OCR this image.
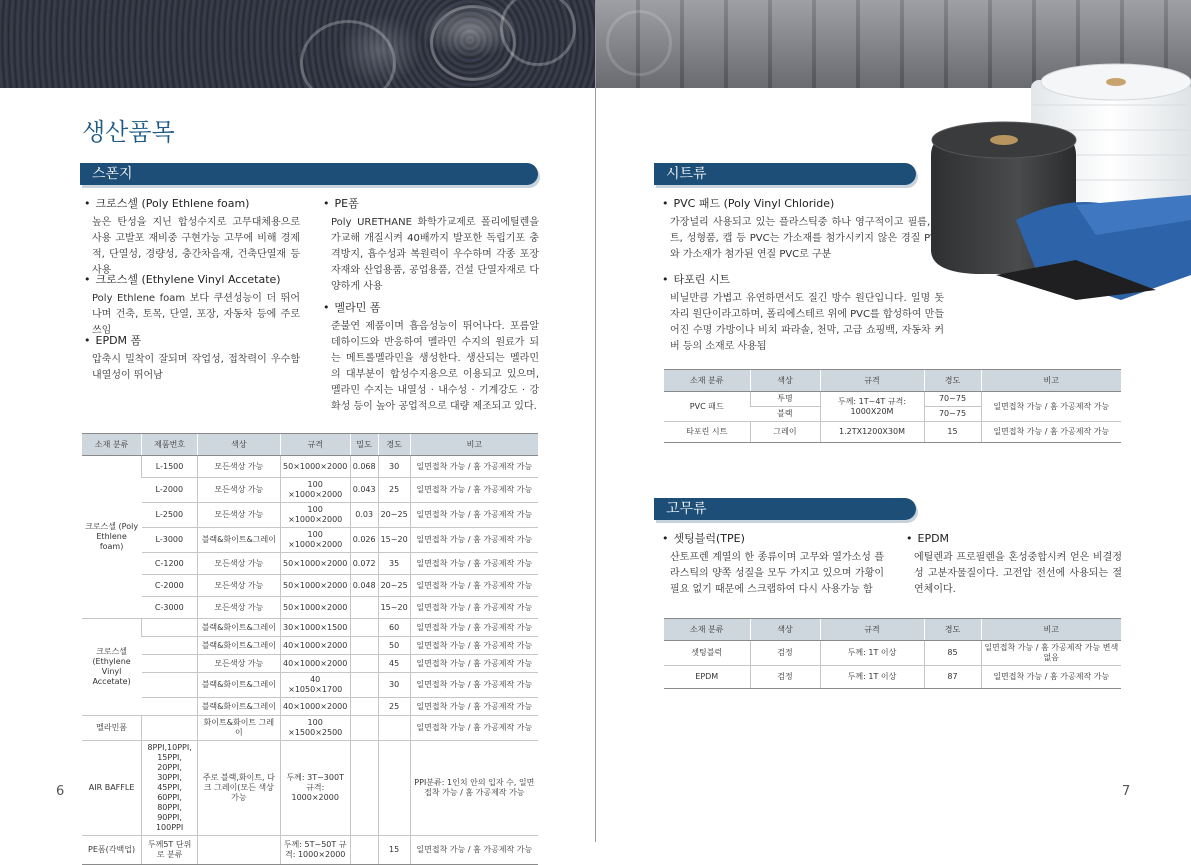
생산품목
스폰지
• 크로스셀 (Poly Ethlene foam)
높은 탄성을 지닌 합성수지로 고무대체용으로 사용 고발포 재비중 구현가능 고무에 비해 경제적, 단열성, 경량성, 충간차음재, 건축단열재 등 사용
• 크로스셀 (Ethylene Vinyl Accetate)
Poly Ethlene foam 보다 쿠션성능이 더 뛰어나며 건축, 토목, 단열, 포장, 자동차 등에 주로 쓰임
• EPDM 폼
압축시 밀착이 잘되며 작업성, 접착력이 우수함 내열성이 뛰어남
• PE폼
Poly URETHANE 화학가교제로 폴리에틸렌을 가교해 개질시켜 40배까지 발포한 독립기포 충격방지, 흡수성과 복원력이 우수하며 각종 포장자재와 산업용품, 공업용품, 건설 단열자재로 다양하게 사용
• 멜라민 폼
준불연 제품이며 흡음성능이 뛰어나다. 포름알데하이드와 반응하여 멜라민 수지의 원료가 되는 메트롤멜라민을 생성한다. 생산되는 멜라민의 대부분이 합성수지용으로 이용되고 있으며, 멜라민 수지는 내열성 · 내수성 · 기계강도 · 강화성 등이 높아 공업적으로 대량 제조되고 있다.
소재 분류	제품번호	색상	규격	밀도	경도	비고
크로스셀 (Poly Ethlene foam)	L-1500	모든색상 가능	50×1000×2000	0.068	30	일면접착 가능 / 홈 가공제작 가능
	L-2000	모든색상 가능	100 ×1000×2000	0.043	25	일면접착 가능 / 홈 가공제작 가능
	L-2500	모든색상 가능	100 ×1000×2000	0.03	20~25	일면접착 가능 / 홈 가공제작 가능
	L-3000	블랙&화이트&그레이	100 ×1000×2000	0.026	15~20	일면접착 가능 / 홈 가공제작 가능
	C-1200	모든색상 가능	50×1000×2000	0.072	35	일면접착 가능 / 홈 가공제작 가능
	C-2000	모든색상 가능	50×1000×2000	0.048	20~25	일면접착 가능 / 홈 가공제작 가능
	C-3000	모든색상 가능	50×1000×2000		15~20	일면접착 가능 / 홈 가공제작 가능
크로스셀 (Ethylene Vinyl Accetate)		블랙&화이트&그레이	30×1000×1500		60	일면접착 가능 / 홈 가공제작 가능
		블랙&화이트&그레이	40×1000×2000		50	일면접착 가능 / 홈 가공제작 가능
		모든색상 가능	40×1000×2000		45	일면접착 가능 / 홈 가공제작 가능
		블랙&화이트&그레이	40 ×1050×1700		30	일면접착 가능 / 홈 가공제작 가능
		블랙&화이트&그레이	40×1000×2000		25	일면접착 가능 / 홈 가공제작 가능
멜라민폼		화이트&화이트 그레이	100 ×1500×2500			일면접착 가능 / 홈 가공제작 가능
AIR BAFFLE	8PPI,10PPI, 15PPI, 20PPI, 30PPI, 45PPI, 60PPI, 80PPI, 90PPI, 100PPI	주로 블랙,화이트, 다크 그레이(모든 색상 가능	두께: 3T~300T 규격: 1000×2000			PPI분류: 1인치 안의 입자 수, 일면접착 가능 / 홈 가공제작 가능
PE폼(각백업)	두께5T 단위로 분류		두께: 5T~50T 규격: 1000×2000		15	일면접착 가능 / 홈 가공제작 가능
6
시트류
• PVC 패드 (Poly Vinyl Chloride)
가장널리 사용되고 있는 플라스틱중 하나 영구적이고 필름, 시트, 성형품, 캡 등 PVC는 가소재를 첨가시키지 않은 경질 PVC와 가소재가 첨가된 연질 PVC로 구분
• 타포린 시트
비닐만큼 가볍고 유연하면서도 질긴 방수 원단입니다. 일명 돗자리 원단이라고하며, 폴리에스테르 위에 PVC를 합성하여 만들어진 수명 가방이나 비치 파라솔, 천막, 고급 쇼핑백, 자동차 커버 등의 소재로 사용됨
소재 분류	색상	규격	경도	비고
PVC 패드	투명	두께: 1T~4T 규격: 1000X20M	70~75	일면접착 가능 / 홈 가공제작 가능
	블랙		70~75	
타포린 시트	그레이	1.2TX1200X30M	15	일면접착 가능 / 홈 가공제작 가능
고무류
• 셋팅블럭(TPE)
산토프렌 계열의 한 종류이며 고무와 열가소성 플라스틱의 양쪽 성질을 모두 가지고 있으며 가황이 필요 없기 때문에 스크랩하여 다시 사용가능 함
• EPDM
에틸렌과 프로필렌을 혼성중합시켜 얻은 비결정성 고분자물질이다. 고전압 전선에 사용되는 절연체이다.
소재 분류	색상	규격	경도	비고
셋팅블럭	검정	두께: 1T 이상	85	일면접착 가능 / 홈 가공제작 가능 변색 없음
EPDM	검정	두께: 1T 이상	87	일면접착 가능 / 홈 가공제작 가능
7
